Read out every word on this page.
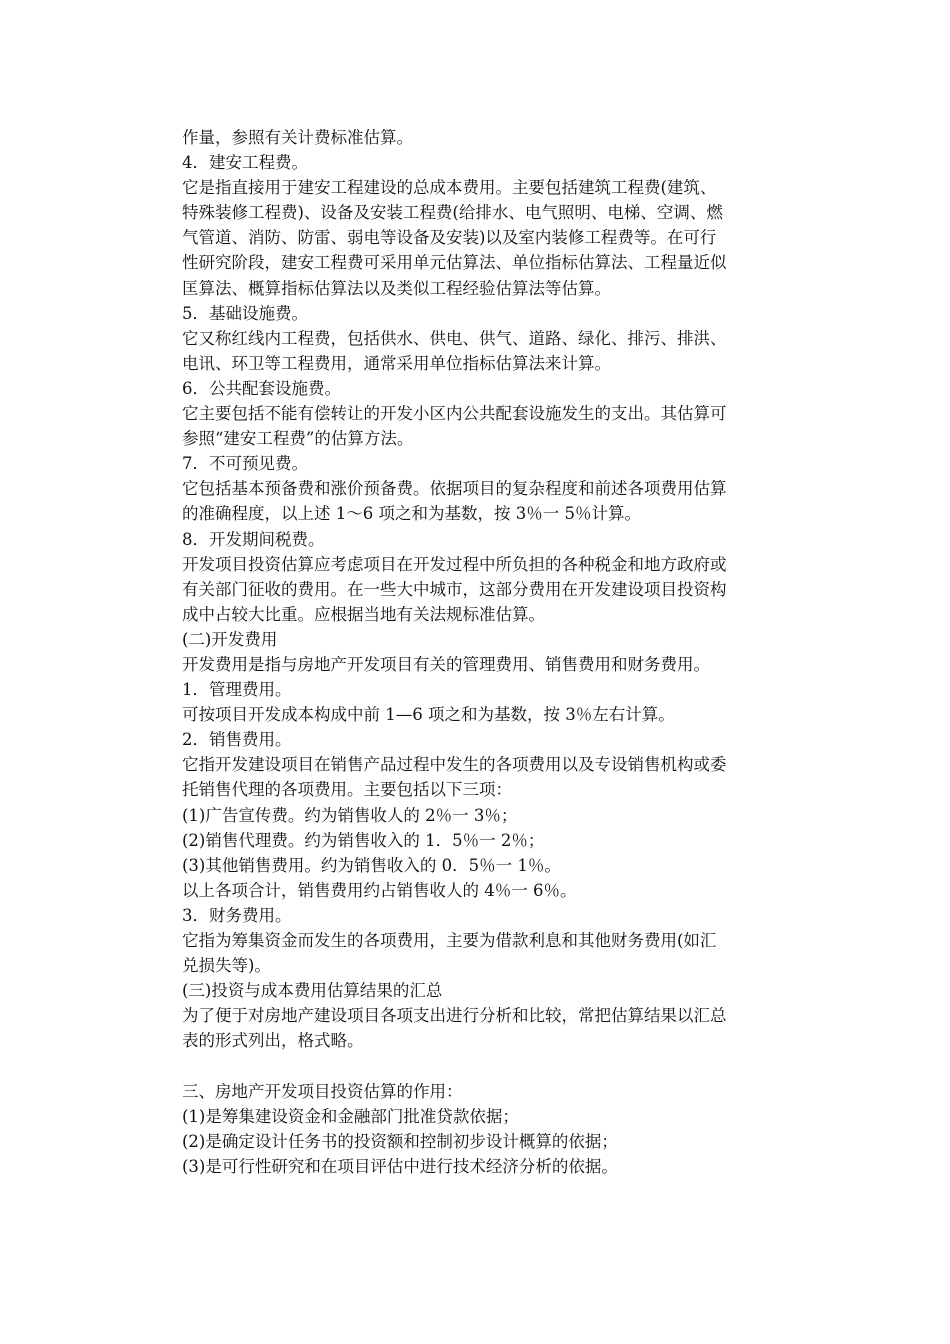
作量，参照有关计费标准估算。
4．建安工程费。
它是指直接用于建安工程建设的总成本费用。主要包括建筑工程费(建筑、
特殊装修工程费)、设备及安装工程费(给排水、电气照明、电梯、空调、燃
气管道、消防、防雷、弱电等设备及安装)以及室内装修工程费等。在可行
性研究阶段，建安工程费可采用单元估算法、单位指标估算法、工程量近似
匡算法、概算指标估算法以及类似工程经验估算法等估算。
5．基础设施费。
它又称红线内工程费，包括供水、供电、供气、道路、绿化、排污、排洪、
电讯、环卫等工程费用，通常采用单位指标估算法来计算。
6．公共配套设施费。
它主要包括不能有偿转让的开发小区内公共配套设施发生的支出。其估算可
参照“建安工程费”的估算方法。
7．不可预见费。
它包括基本预备费和涨价预备费。依据项目的复杂程度和前述各项费用估算
的准确程度，以上述 1～6 项之和为基数，按 3％一 5％计算。
8．开发期间税费。
开发项目投资估算应考虑项目在开发过程中所负担的各种税金和地方政府或
有关部门征收的费用。在一些大中城市，这部分费用在开发建设项目投资构
成中占较大比重。应根据当地有关法规标准估算。
(二)开发费用
开发费用是指与房地产开发项目有关的管理费用、销售费用和财务费用。
1．管理费用。
可按项目开发成本构成中前 1—6 项之和为基数，按 3％左右计算。
2．销售费用。
它指开发建设项目在销售产品过程中发生的各项费用以及专设销售机构或委
托销售代理的各项费用。主要包括以下三项：
(1)广告宣传费。约为销售收人的 2％一 3％；
(2)销售代理费。约为销售收入的 1．5％一 2％；
(3)其他销售费用。约为销售收入的 0．5％一 1％。
以上各项合计，销售费用约占销售收人的 4％一 6％。
3．财务费用。
它指为筹集资金而发生的各项费用，主要为借款利息和其他财务费用(如汇
兑损失等)。
(三)投资与成本费用估算结果的汇总
为了便于对房地产建设项目各项支出进行分析和比较，常把估算结果以汇总
表的形式列出，格式略。
三、房地产开发项目投资估算的作用：
(1)是筹集建设资金和金融部门批准贷款依据；
(2)是确定设计任务书的投资额和控制初步设计概算的依据；
(3)是可行性研究和在项目评估中进行技术经济分析的依据。
